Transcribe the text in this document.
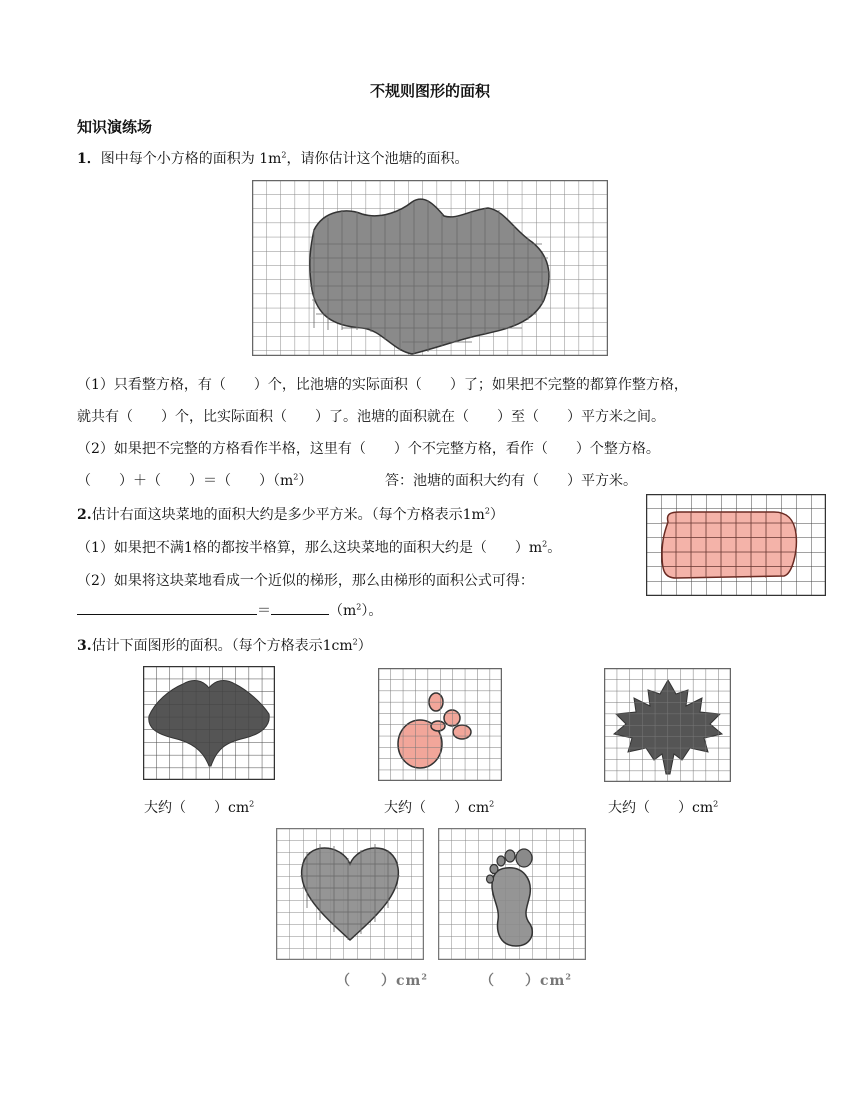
不规则图形的面积
知识演练场
1．图中每个小方格的面积为 $1m^2$，请你估计这个池塘的面积。
（1）只看整方格，有（　　）个，比池塘的实际面积（　　）了；如果把不完整的都算作整方格，
就共有（　　）个，比实际面积（　　）了。池塘的面积就在（　　）至（　　）平方米之间。
（2）如果把不完整的方格看作半格，这里有（　　）个不完整方格，看作（　　）个整方格。
（　　）＋（　　）＝（　　）$(m^2)$	答：池塘的面积大约有（　　）平方米。
2.估计右面这块菜地的面积大约是多少平方米。（每个方格表示$1m^2$）
（1）如果把不满1格的都按半格算，那么这块菜地的面积大约是（　　）$m^2$。
（2）如果将这块菜地看成一个近似的梯形，那么由梯形的面积公式可得：
＝	$(m^2)$。
3.估计下面图形的面积。（每个方格表示$1cm^2$）
大约（　　）$cm^2$	大约（　　）$cm^2$	大约（　　）$cm^2$
（　　）$cm^2$	（　　）$cm^2$
